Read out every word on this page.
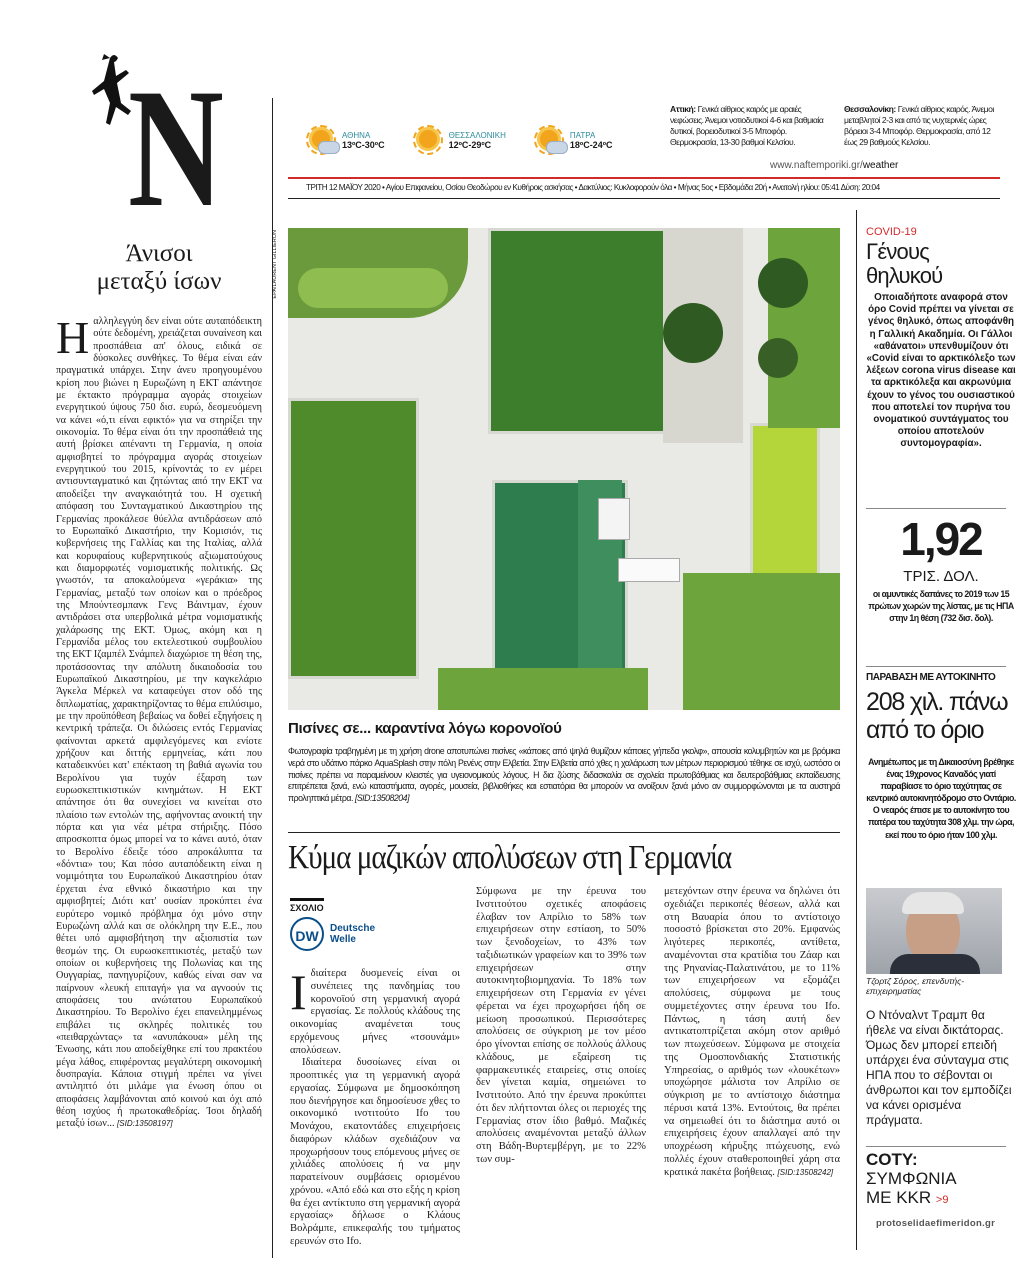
N
Άνισοι
μεταξύ ίσων
Η αλληλεγγύη δεν είναι ούτε αυταπόδεικτη ούτε δεδομένη, χρειάζεται συναίνεση και προσπάθεια απ' όλους, ειδικά σε δύσκολες συνθήκες. Το θέμα είναι εάν πραγματικά υπάρχει. Στην άνευ προηγουμένου κρίση που βιώνει η Ευρωζώνη η ΕΚΤ απάντησε με έκτακτο πρόγραμμα αγοράς στοιχείων ενεργητικού ύψους 750 δισ. ευρώ, δεσμευόμενη να κάνει «ό,τι είναι εφικτό» για να στηρίξει την οικονομία. Το θέμα είναι ότι την προσπάθειά της αυτή βρίσκει απέναντι τη Γερμανία, η οποία αμφισβητεί το πρόγραμμα αγοράς στοιχείων ενεργητικού του 2015, κρίνοντάς το εν μέρει αντισυνταγματικό και ζητώντας από την ΕΚΤ να αποδείξει την αναγκαιότητά του. Η σχετική απόφαση του Συνταγματικού Δικαστηρίου της Γερμανίας προκάλεσε θύελλα αντιδράσεων από το Ευρωπαϊκό Δικαστήριο, την Κομισιόν, τις κυβερνήσεις της Γαλλίας και της Ιταλίας, αλλά και κορυφαίους κυβερνητικούς αξιωματούχους και διαμορφωτές νομισματικής πολιτικής. Ως γνωστόν, τα αποκαλούμενα «γεράκια» της Γερμανίας, μεταξύ των οποίων και ο πρόεδρος της Μπούντεσμπανκ Γενς Βάιντμαν, έχουν αντιδράσει στα υπερβολικά μέτρα νομισματικής χαλάρωσης της ΕΚΤ. Όμως, ακόμη και η Γερμανίδα μέλος του εκτελεστικού συμβουλίου της ΕΚΤ Ιζαμπέλ Σνάμπελ διαχώρισε τη θέση της, προτάσσοντας την απόλυτη δικαιοδοσία του Ευρωπαϊκού Δικαστηρίου, με την καγκελάριο Άγκελα Μέρκελ να καταφεύγει στον οδό της διπλωματίας, χαρακτηρίζοντας το θέμα επιλύσιμο, με την προϋπόθεση βεβαίως να δοθεί εξηγήσεις η κεντρική τράπεζα. Οι διλώσεις εντός Γερμανίας φαίνονται αρκετά αμφιλεγόμενες και ενίοτε χρήζουν και διττής ερμηνείας, κάτι που καταδεικνύει κατ' επέκταση τη βαθιά αγωνία του Βερολίνου για τυχόν έξαρση των ευρωσκεπτικιστικών κινημάτων. Η ΕΚΤ απάντησε ότι θα συνεχίσει να κινείται στο πλαίσιο των εντολών της, αφήνοντας ανοικτή την πόρτα και για νέα μέτρα στήριξης. Πόσο απροσκοπτα όμως μπορεί να το κάνει αυτό, όταν το Βερολίνο έδειξε τόσο απροκάλυπτα τα «δόντια» του; Και πόσο αυταπόδεικτη είναι η νομιμότητα του Ευρωπαϊκού Δικαστηρίου όταν έρχεται ένα εθνικό δικαστήριο και την αμφισβητεί; Διότι κατ' ουσίαν προκύπτει ένα ευρύτερο νομικό πρόβλημα όχι μόνο στην Ευρωζώνη αλλά και σε ολόκληρη την Ε.Ε., που θέτει υπό αμφισβήτηση την αξιοπιστία των θεσμών της. Οι ευρωσκεπτικιστές, μεταξύ των οποίων οι κυβερνήσεις της Πολωνίας και της Ουγγαρίας, πανηγυρίζουν, καθώς είναι σαν να παίρνουν «λευκή επιταγή» για να αγνοούν τις αποφάσεις του ανώτατου Ευρωπαϊκού Δικαστηρίου. Το Βερολίνο έχει επανειλημμένως επιβάλει τις σκληρές πολιτικές του «πειθαρχώντας» τα «ανυπάκουα» μέλη της Ένωσης, κάτι που αποδείχθηκε επί του πρακτέου μέγα λάθος, επιφέροντας μεγαλύτερη οικονομική δυσπραγία. Κάποια στιγμή πρέπει να γίνει αντιληπτό ότι μιλάμε για ένωση όπου οι αποφάσεις λαμβάνονται από κοινού και όχι από θέση ισχύος ή πρωτοκαθεδρίας. Ίσοι δηλαδή μεταξύ ίσων... [SID:13508197]
ΑΘΗΝΑ
13ºC-30ºC
ΘΕΣΣΑΛΟΝΙΚΗ
12ºC-29ºC
ΠΑΤΡΑ
18ºC-24ºC
Αττική: Γενικά αίθριος καιρός με αραιές νεφώσεις. Άνεμοι νοτιοδυτικοί 4-6 και βαθμιαία δυτικοί, βορειοδυτικοί 3-5 Μποφόρ. Θερμοκρασία, 13-30 βαθμοί Κελσίου.
Θεσσαλονίκη: Γενικά αίθριος καιρός. Άνεμοι μεταβλητοί 2-3 και από τις νυχτερινές ώρες βόρειοι 3-4 Μποφόρ. Θερμοκρασία, από 12 έως 29 βαθμούς Κελσίου.
www.naftemporiki.gr/weather
ΤΡΙΤΗ 12 ΜΑΪΟΥ 2020 • Αγίου Επιφανείου, Οσίου Θεοδώρου εν Κυθήροις ασκήσας • Δακτύλιος: Κυκλοφορούν όλα • Μήνας 5ος • Εβδομάδα 20ή • Ανατολή ηλίου: 05:41 Δύση: 20:04
EPA/LAURENT GILLIERON
Πισίνες σε... καραντίνα λόγω κορονοϊού
Φωτογραφία τραβηγμένη με τη χρήση drone αποτυπώνει πισίνες «κάποιες από ψηλά θυμίζουν κάποιες γήπεδα γκολφ», απουσία κολυμβητών και με βρόμικα νερά στο υδάτινο πάρκο AquaSplash στην πόλη Ρενένς στην Ελβετία. Στην Ελβετία από χθες η χαλάρωση των μέτρων περιορισμού τέθηκε σε ισχύ, ωστόσο οι πισίνες πρέπει να παραμείνουν κλειστές για υγειονομικούς λόγους. Η δια ζώσης διδασκαλία σε σχολεία πρωτοβάθμιας και δευτεροβάθμιας εκπαίδευσης επιτρέπεται ξανά, ενώ καταστήματα, αγορές, μουσεία, βιβλιοθήκες και εστιατόρια θα μπορούν να ανοίξουν ξανά μόνο αν συμμορφώνονται με τα αυστηρά προληπτικά μέτρα. [SID:13508204]
Κύμα μαζικών απολύσεων στη Γερμανία
ΣΧΟΛΙΟ
DW	Deutsche
Welle
Ι διαίτερα δυσμενείς είναι οι συνέπειες της πανδημίας του κορονοϊού στη γερμανική αγορά εργασίας. Σε πολλούς κλάδους της οικονομίας αναμένεται τους ερχόμενους μήνες «τσουνάμι» απολύσεων.

Ιδιαίτερα δυσοίωνες είναι οι προοπτικές για τη γερμανική αγορά εργασίας. Σύμφωνα με δημοσκόπηση που διενήργησε και δημοσίευσε χθες το οικονομικό ινστιτούτο Ifo του Μονάχου, εκατοντάδες επιχειρήσεις διαφόρων κλάδων σχεδιάζουν να προχωρήσουν τους επόμενους μήνες σε χιλιάδες απολύσεις ή να μην παρατείνουν συμβάσεις ορισμένου χρόνου. «Από εδώ και στο εξής η κρίση θα έχει αντίκτυπο στη γερμανική αγορά εργασίας» δήλωσε ο Κλάους Βολράμπε, επικεφαλής του τμήματος ερευνών στο Ifo.

Σύμφωνα με την έρευνα του Ινστιτούτου σχετικές αποφάσεις έλαβαν τον Απρίλιο το 58% των επιχειρήσεων στην εστίαση, το 50% των ξενοδοχείων, το 43% των ταξιδιωτικών γραφείων και το 39% των επιχειρήσεων στην αυτοκινητοβιομηχανία. Το 18% των επιχειρήσεων στη Γερμανία εν γένει φέρεται να έχει προχωρήσει ήδη σε μείωση προσωπικού. Περισσότερες απολύσεις σε σύγκριση με τον μέσο όρο γίνονται επίσης σε πολλούς άλλους κλάδους, με εξαίρεση τις φαρμακευτικές εταιρείες, στις οποίες δεν γίνεται καμία, σημειώνει το Ινστιτούτο. Από την έρευνα προκύπτει ότι δεν πλήττονται όλες οι περιοχές της Γερμανίας στον ίδιο βαθμό. Μαζικές απολύσεις αναμένονται μεταξύ άλλων στη Βάδη-Βυρτεμβέργη, με το 22% των συμ-
μετεχόντων στην έρευνα να δηλώνει ότι σχεδιάζει περικοπές θέσεων, αλλά και στη Βαυαρία όπου το αντίστοιχο ποσοστό βρίσκεται στο 20%. Εμφανώς λιγότερες περικοπές, αντίθετα, αναμένονται στα κρατίδια του Ζάαρ και της Ρηνανίας-Παλατινάτου, με το 11% των επιχειρήσεων να εξομάζει απολύσεις, σύμφωνα με τους συμμετέχοντες στην έρευνα του Ifo. Πάντως, η τάση αυτή δεν αντικατοπτρίζεται ακόμη στον αριθμό των πτωχεύσεων. Σύμφωνα με στοιχεία της Ομοσπονδιακής Στατιστικής Υπηρεσίας, ο αριθμός των «λουκέτων» υποχώρησε μάλιστα τον Απρίλιο σε σύγκριση με το αντίστοιχο διάστημα πέρυσι κατά 13%. Εντούτοις, θα πρέπει να σημειωθεί ότι το διάστημα αυτό οι επιχειρήσεις έχουν απαλλαγεί από την υποχρέωση κήρυξης πτώχευσης, ενώ πολλές έχουν σταθεροποιηθεί χάρη στα κρατικά πακέτα βοήθειας. [SID:13508242]
COVID-19
Γένους
θηλυκού
Οποιαδήποτε αναφορά στον όρο Covid πρέπει να γίνεται σε γένος θηλυκό, όπως αποφάνθη η Γαλλική Ακαδημία. Οι Γάλλοι «αθάνατοι» υπενθυμίζουν ότι «Covid είναι το αρκτικόλεξο των λέξεων corona virus disease και τα αρκτικόλεξα και ακρωνύμια έχουν το γένος του ουσιαστικού που αποτελεί τον πυρήνα του ονοματικού συντάγματος του οποίου αποτελούν συντομογραφία».
1,92
ΤΡΙΣ. ΔΟΛ.
οι αμυντικές δαπάνες το 2019 των 15 πρώτων χωρών της λίστας, με τις ΗΠΑ στην 1η θέση (732 δισ. δολ).
ΠΑΡΑΒΑΣΗ ΜΕ ΑΥΤΟΚΙΝΗΤΟ
208 χιλ. πάνω
από το όριο
Ανημέτωπος με τη Δικαιοσύνη βρέθηκε ένας 19χρονος Καναδός γιατί παραβίασε το όριο ταχύτητας σε κεντρικό αυτοκινητόδρομο στο Οντάριο. Ο νεαρός έπισε με το αυτοκίνητο του πατέρα του ταχύτητα 308 χλμ. την ώρα, εκεί που το όριο ήταν 100 χλμ.
Τζορτζ Σόρος, επενδυτής-επιχειρηματίας
Ο Ντόναλντ Τραμπ θα ήθελε να είναι δικτάτορας. Όμως δεν μπορεί επειδή υπάρχει ένα σύνταγμα στις ΗΠΑ που το σέβονται οι άνθρωποι και τον εμποδίζει να κάνει ορισμένα πράγματα.
COTY:
ΣΥΜΦΩΝΙΑ
ΜΕ KKR >9
protoselidaefimeridon.gr
